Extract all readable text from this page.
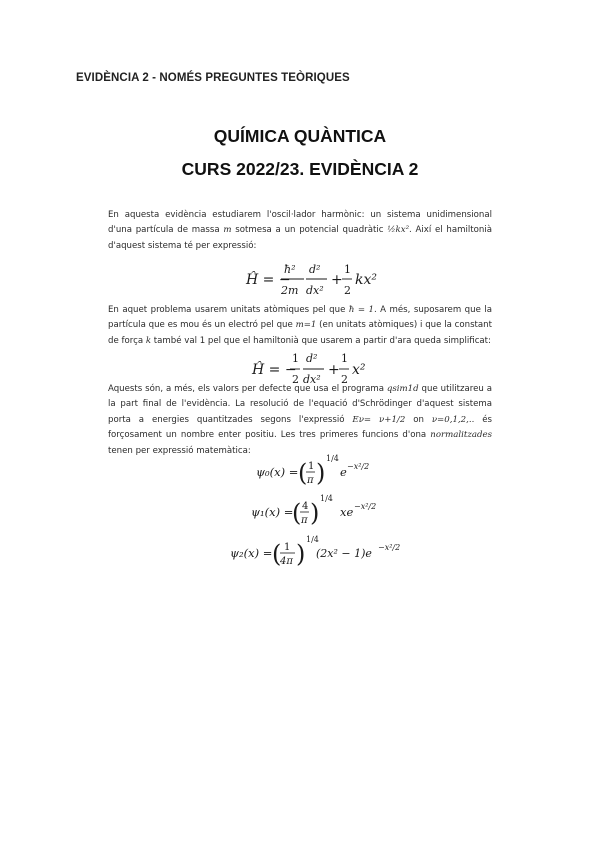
EVIDÈNCIA 2 - NOMÉS PREGUNTES TEÒRIQUES
QUÍMICA QUÀNTICA
CURS 2022/23. EVIDÈNCIA 2
En aquesta evidència estudiarem l'oscil·lador harmònic: un sistema unidimensional d'una partícula de massa m sotmesa a un potencial quadràtic ½kx². Així el hamiltonià d'aquest sistema té per expressió:
Ĥ = −
ħ²
2m
d²
dx²
+
1
2
kx²
En aquet problema usarem unitats atòmiques pel que ħ = 1. A més, suposarem que la partícula que es mou és un electró pel que m=1 (en unitats atòmiques) i que la constant de força k també val 1 pel que el hamiltonià que usarem a partir d'ara queda simplificat:
Ĥ = −
1
2
d²
dx²
+
1
2
x²
Aquests són, a més, els valors per defecte que usa el programa qsim1d que utilitzareu a la part final de l'evidència. La resolució de l'equació d'Schrödinger d'aquest sistema porta a energies quantitzades segons l'expressió Eν= ν+1/2 on ν=0,1,2,.. és forçosament un nombre enter positiu. Les tres primeres funcions d'ona normalitzades tenen per expressió matemàtica:
ψ₀(x) = ( 1
π )
1/4
e −x²/2
ψ₁(x) =
( 4
π )
1/4
xe −x²/2
ψ₂(x) = ( 1
4π )
1/4
(2x² − 1)e −x²/2
